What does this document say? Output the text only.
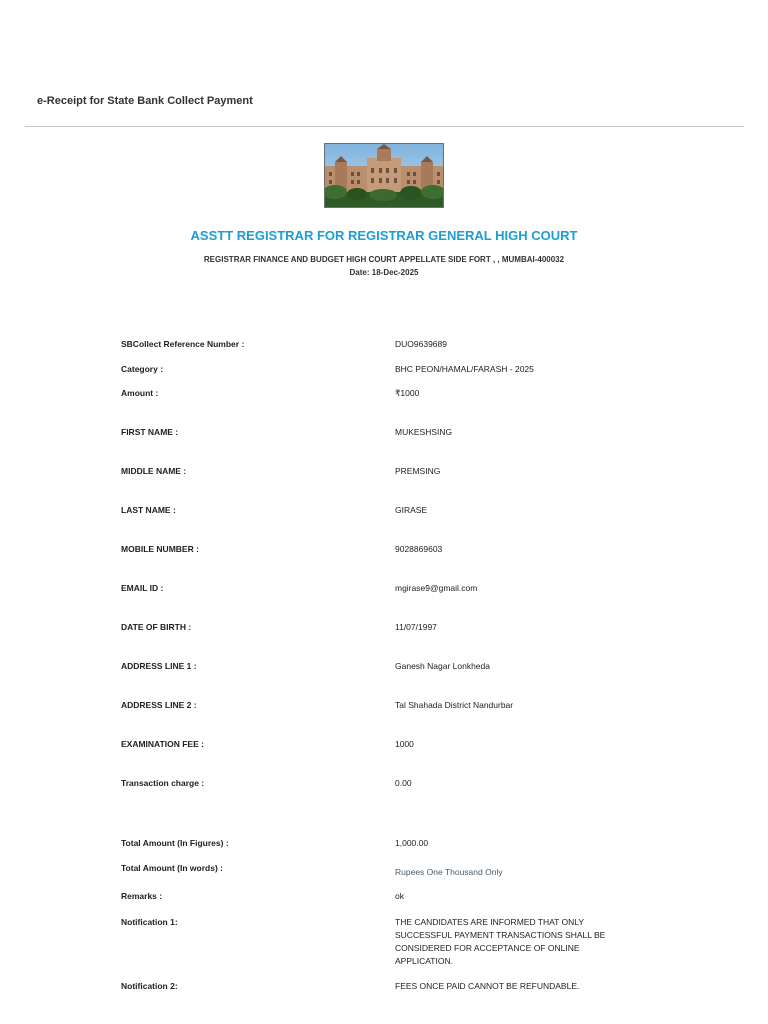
e-Receipt for State Bank Collect Payment
ASSTT REGISTRAR FOR REGISTRAR GENERAL HIGH COURT
REGISTRAR FINANCE AND BUDGET HIGH COURT APPELLATE SIDE FORT , , MUMBAI-400032
Date: 18-Dec-2025
SBCollect Reference Number :	DUO9639689
Category :	BHC PEON/HAMAL/FARASH - 2025
Amount :	₹1000
FIRST NAME :	MUKESHSING
MIDDLE NAME :	PREMSING
LAST NAME :	GIRASE
MOBILE NUMBER :	9028869603
EMAIL ID :	mgirase9@gmail.com
DATE OF BIRTH :	11/07/1997
ADDRESS LINE 1 :	Ganesh Nagar Lonkheda
ADDRESS LINE 2 :	Tal Shahada District Nandurbar
EXAMINATION FEE :	1000
Transaction charge :	0.00
Total Amount (In Figures) :	1,000.00
Total Amount (In words) :	Rupees One Thousand Only
Remarks :	ok
Notification 1:	THE CANDIDATES ARE INFORMED THAT ONLY SUCCESSFUL PAYMENT TRANSACTIONS SHALL BE CONSIDERED FOR ACCEPTANCE OF ONLINE APPLICATION.
Notification 2:	FEES ONCE PAID CANNOT BE REFUNDABLE.
